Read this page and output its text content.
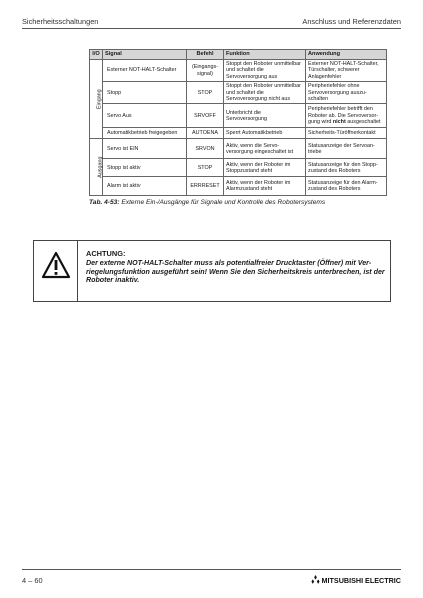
Sicherheitsschaltungen	Anschluss und Referenzdaten
I/O	Signal	Befehl	Funktion	Anwendung
Eingang	Externer NOT-HALT-Schalter	(Eingangs-signal)	Stoppt den Roboter unmittelbar und schaltet die Servoversorgung aus	Externer NOT-HALT-Schalter, Türschalter, schwerer Anlagenfehler
	Stopp	STOP	Stoppt den Roboter unmittelbar und schaltet die Servoversorgung nicht aus	Peripheriefehler ohne Servoversorgung auszu-schalten
	Servo Aus	SRVOFF	Unterbricht die Servoversorgung	Peripheriefehler betrifft den Roboter ab. Die Servoversor-gung wird nicht ausgeschaltet
	Automatikbetrieb freigegeben	AUTOENA	Sperrt Automatikbetrieb	Sicherheits-Türöffnerkontakt
Ausgang	Servo ist EIN	SRVON	Aktiv, wenn die Servo-versorgung eingeschaltet ist	Statusanzeige der Servoan-triebe
	Stopp ist aktiv	STOP	Aktiv, wenn der Roboter im Stoppzustand steht	Statusanzeige für den Stopp-zustand des Roboters
	Alarm ist aktiv	ERRRESET	Aktiv, wenn der Roboter im Alarmzustand steht	Statusanzeige für den Alarm-zustand des Roboters
Tab. 4-53: Externe Ein-/Ausgänge für Signale und Kontrolle des Robotersystems
ACHTUNG:
Der externe NOT-HALT-Schalter muss als potentialfreier Drucktaster (Öffner) mit Ver-riegelungsfunktion ausgeführt sein! Wenn Sie den Sicherheitskreis unterbrechen, ist der Roboter inaktiv.
4 – 60	MITSUBISHI ELECTRIC
